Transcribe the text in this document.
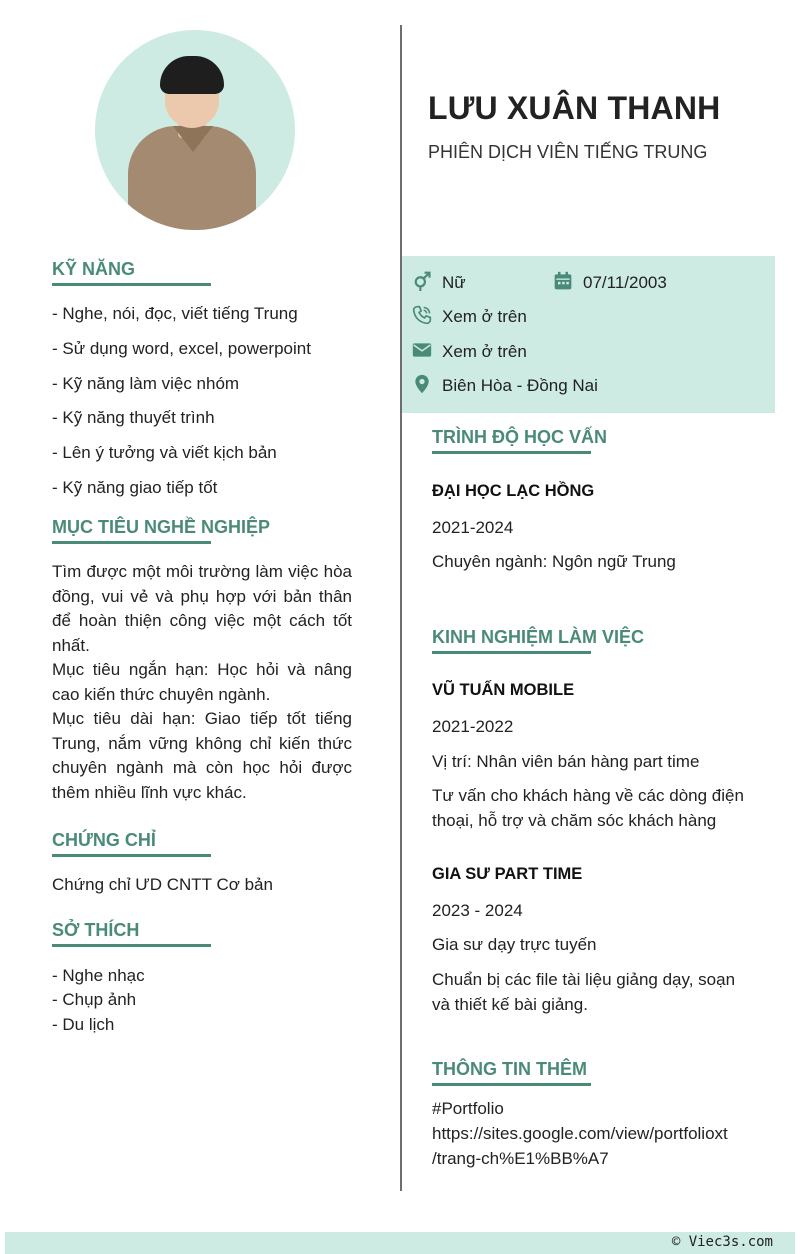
LƯU XUÂN THANH
PHIÊN DỊCH VIÊN TIẾNG TRUNG
Nữ	07/11/2003
Xem ở trên
Xem ở trên
Biên Hòa - Đồng Nai
KỸ NĂNG
- Nghe, nói, đọc, viết tiếng Trung
- Sử dụng word, excel, powerpoint
- Kỹ năng làm việc nhóm
- Kỹ năng thuyết trình
- Lên ý tưởng và viết kịch bản
- Kỹ năng giao tiếp tốt
MỤC TIÊU NGHỀ NGHIỆP
Tìm được một môi trường làm việc hòa đồng, vui vẻ và phụ hợp với bản thân để hoàn thiện công việc một cách tốt nhất.
Mục tiêu ngắn hạn: Học hỏi và nâng cao kiến thức chuyên ngành.
Mục tiêu dài hạn: Giao tiếp tốt tiếng Trung, nắm vững không chỉ kiến thức chuyên ngành mà còn học hỏi được thêm nhiều lĩnh vực khác.
CHỨNG CHỈ
Chứng chỉ ƯD CNTT Cơ bản
SỞ THÍCH
- Nghe nhạc
- Chụp ảnh
- Du lịch
TRÌNH ĐỘ HỌC VẤN
ĐẠI HỌC LẠC HỒNG
2021-2024
Chuyên ngành: Ngôn ngữ Trung
KINH NGHIỆM LÀM VIỆC
VŨ TUẤN MOBILE
2021-2022
Vị trí: Nhân viên bán hàng part time
Tư vấn cho khách hàng về các dòng điện
thoại, hỗ trợ và chăm sóc khách hàng
GIA SƯ PART TIME
2023 - 2024
Gia sư dạy trực tuyến
Chuẩn bị các file tài liệu giảng dạy, soạn
và thiết kế bài giảng.
THÔNG TIN THÊM
#Portfolio
https://sites.google.com/view/portfolioxt
/trang-ch%E1%BB%A7
© Viec3s.com
